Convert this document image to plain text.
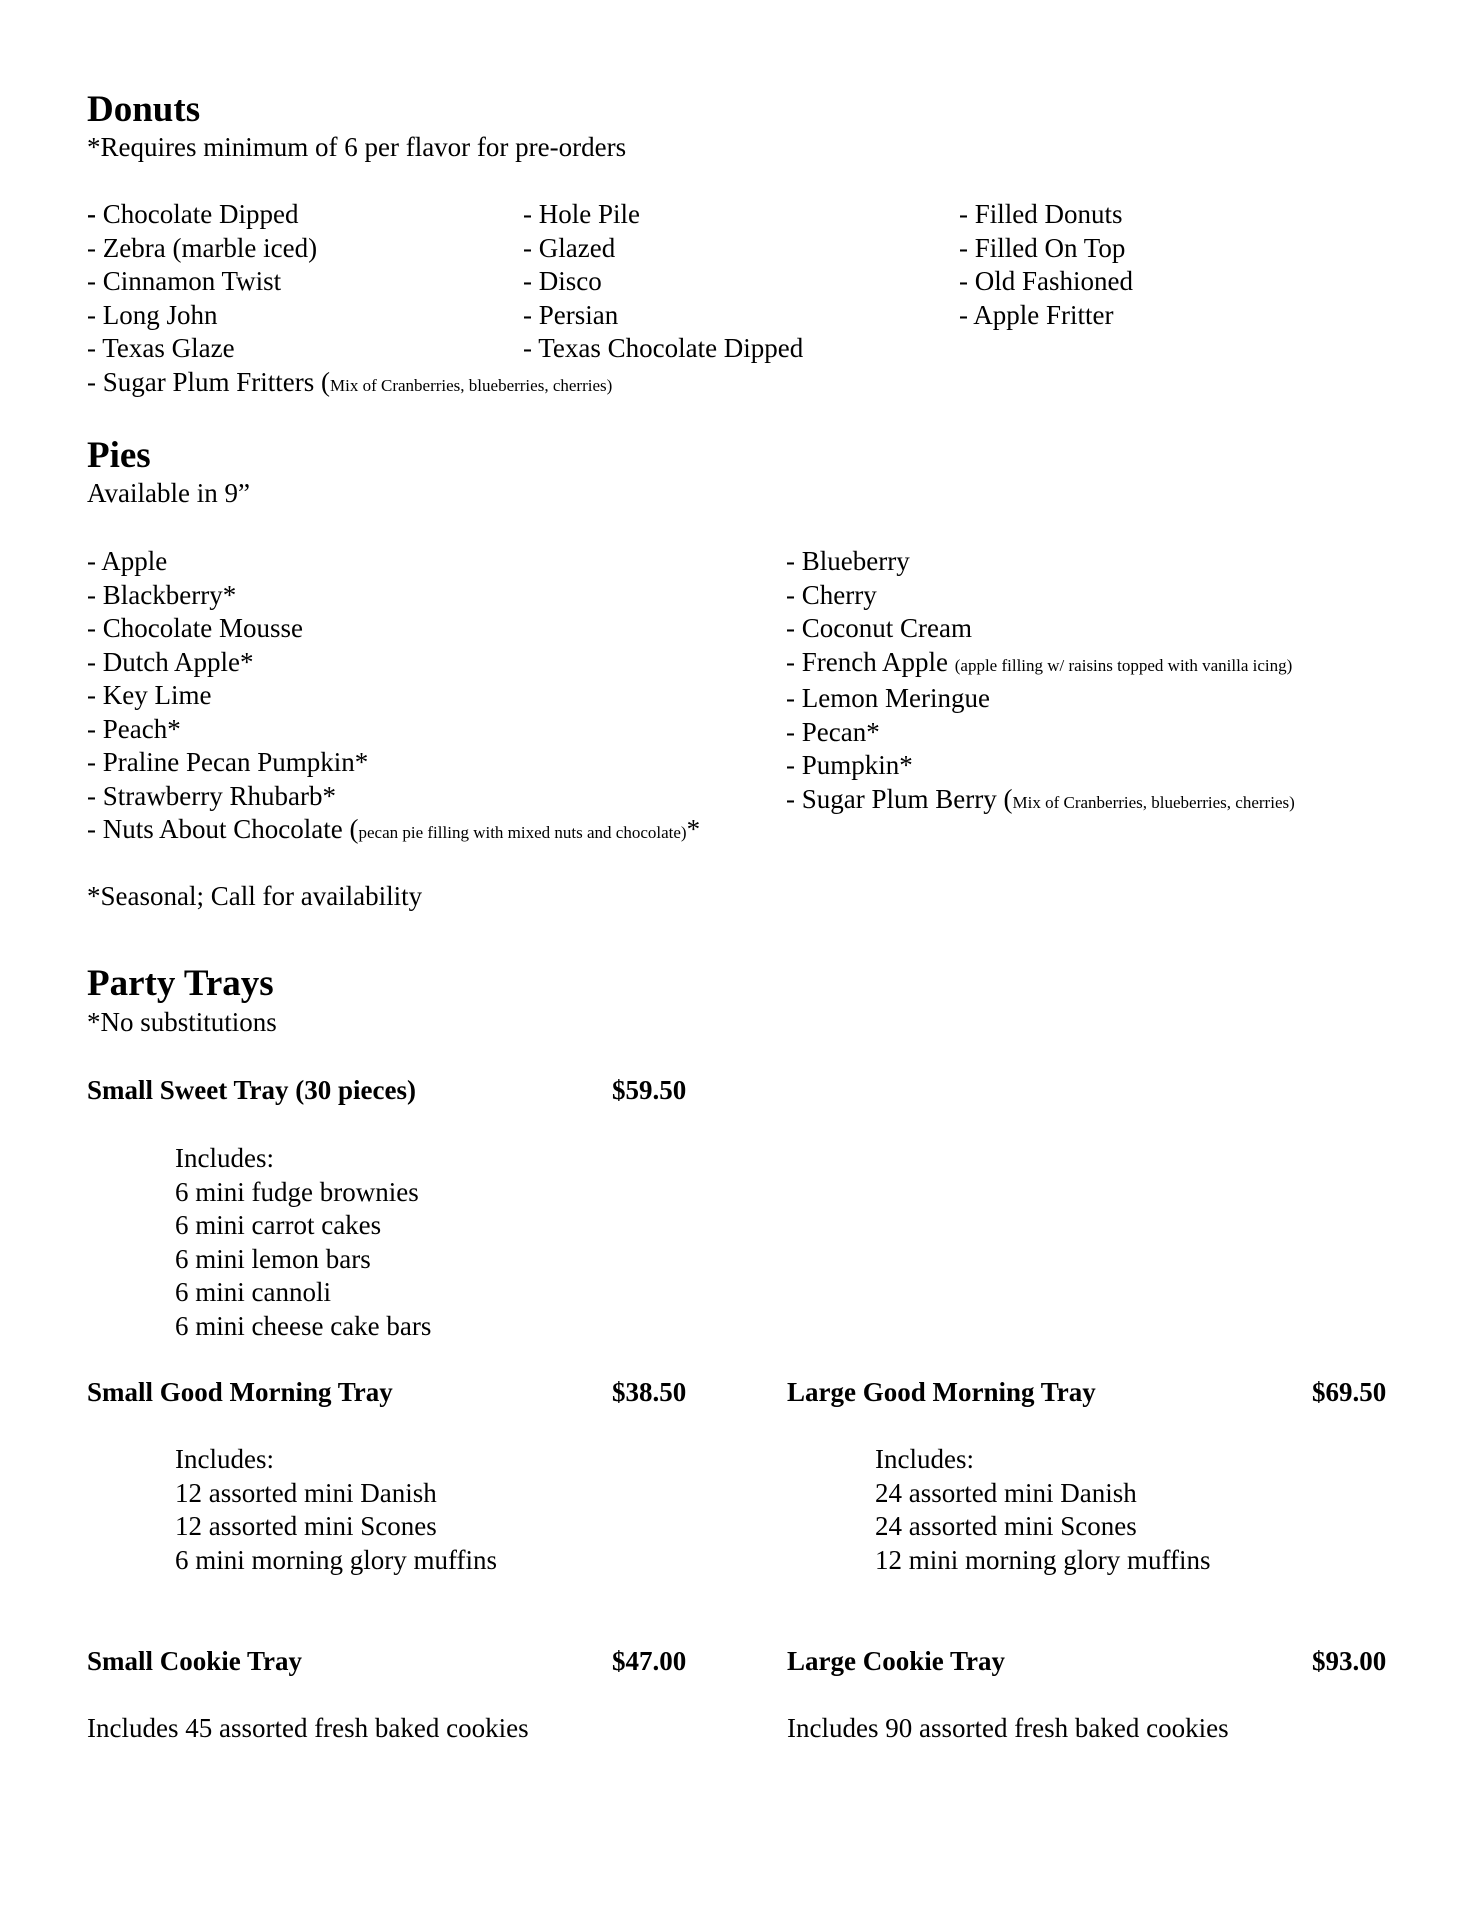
Donuts
*Requires minimum of 6 per flavor for pre-orders
- Chocolate Dipped
- Zebra (marble iced)
- Cinnamon Twist
- Long John
- Texas Glaze
- Hole Pile
- Glazed
- Disco
- Persian
- Texas Chocolate Dipped
- Filled Donuts
- Filled On Top
- Old Fashioned
- Apple Fritter
- Sugar Plum Fritters (Mix of Cranberries, blueberries, cherries)
Pies
Available in 9”
- Apple
- Blackberry*
- Chocolate Mousse
- Dutch Apple*
- Key Lime
- Peach*
- Praline Pecan Pumpkin*
- Strawberry Rhubarb*
- Blueberry
- Cherry
- Coconut Cream
- French Apple (apple filling w/ raisins topped with vanilla icing)
- Lemon Meringue
- Pecan*
- Pumpkin*
- Sugar Plum Berry (Mix of Cranberries, blueberries, cherries)
- Nuts About Chocolate (pecan pie filling with mixed nuts and chocolate)*
*Seasonal; Call for availability
Party Trays
*No substitutions
Small Sweet Tray (30 pieces)	$59.50
Includes:
6 mini fudge brownies
6 mini carrot cakes
6 mini lemon bars
6 mini cannoli
6 mini cheese cake bars
Small Good Morning Tray	$38.50
Includes:
12 assorted mini Danish
12 assorted mini Scones
6 mini morning glory muffins
Large Good Morning Tray	$69.50
Includes:
24 assorted mini Danish
24 assorted mini Scones
12 mini morning glory muffins
Small Cookie Tray	$47.00
Includes 45 assorted fresh baked cookies
Large Cookie Tray	$93.00
Includes 90 assorted fresh baked cookies
